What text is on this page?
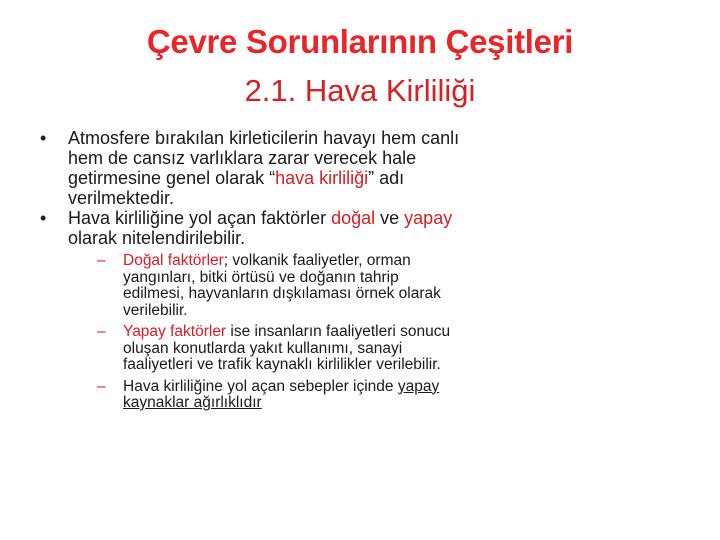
Çevre Sorunlarının Çeşitleri
2.1. Hava Kirliliği
• Atmosfere bırakılan kirleticilerin havayı hem canlı hem de cansız varlıklara zarar verecek hale getirmesine genel olarak “hava kirliliği” adı verilmektedir.
• Hava kirliliğine yol açan faktörler doğal ve yapay olarak nitelendirilebilir.
– Doğal faktörler; volkanik faaliyetler, orman yangınları, bitki örtüsü ve doğanın tahrip edilmesi, hayvanların dışkılaması örnek olarak verilebilir.
– Yapay faktörler ise insanların faaliyetleri sonucu oluşan konutlarda yakıt kullanımı, sanayi faaliyetleri ve trafik kaynaklı kirlilikler verilebilir.
– Hava kirliliğine yol açan sebepler içinde yapay kaynaklar ağırlıklıdır
